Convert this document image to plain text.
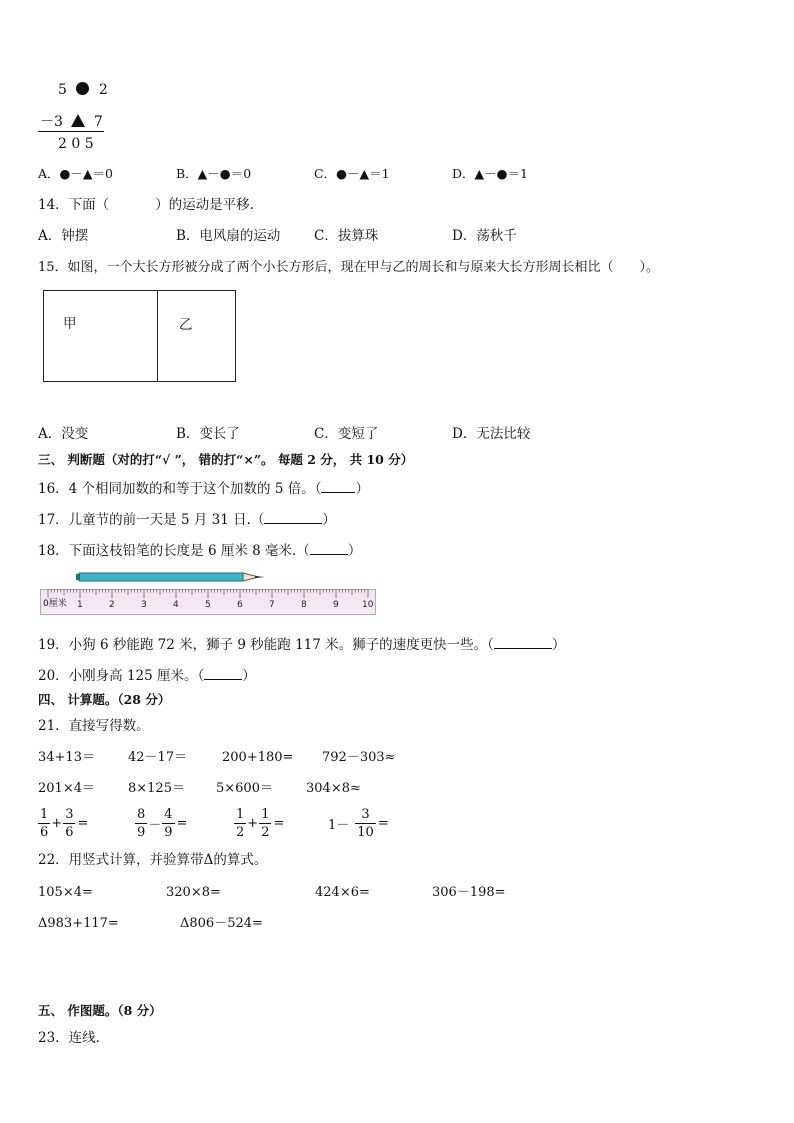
5 2
－3 7
2 0 5
A．●－▲＝0	B．▲－●＝0	C．●－▲＝1	D．▲－●＝1
14．下面（	）的运动是平移.
A．钟摆	B．电风扇的运动 C．拔算珠	D．荡秋千
15．如图，一个大长方形被分成了两个小长方形后，现在甲与乙的周长和与原来大长方形周长相比（　　）。
甲	乙
A．没变	B．变长了	C．变短了	D．无法比较
三、 判断题（对的打“√ ”， 错的打“×”。 每题 2 分， 共 10 分）
16．4 个相同加数的和等于这个加数的 5 倍。（	）
17．儿童节的前一天是 5 月 31 日.（	）
18．下面这枝铅笔的长度是 6 厘米 8 毫米.（	）
0厘米 1	2	3	4	5	6	7	8	9	10
19．小狗 6 秒能跑 72 米，狮子 9 秒能跑 117 米。狮子的速度更快一些。（	）
20．小刚身高 125 厘米。（	）
四、 计算题。（28 分）
21．直接写得数。
34+13＝	42－17＝	200+180= 792－303≈
201×4＝	8×125＝ 5×600＝	304×8≈
$\frac{1}{6} + \frac{3}{6}$ =	$\frac{8}{9} - \frac{4}{9}$ =	$\frac{1}{2} + \frac{1}{2}$ =	$1- \frac{3}{10}$ =
22．用竖式计算，并验算带Δ的算式。
105×4=	320×8=	424×6=	306－198=
Δ983+117=	Δ806－524=
五、 作图题。（8 分）
23．连线.
